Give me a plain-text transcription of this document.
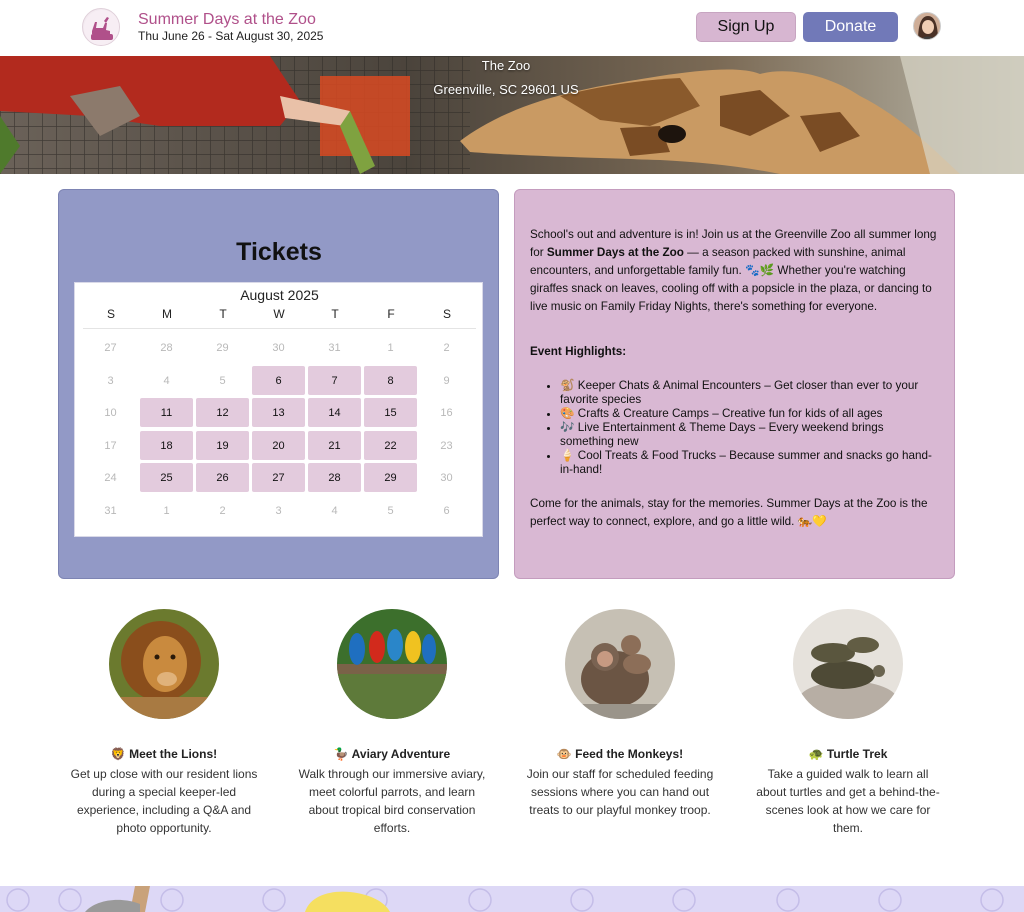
Summer Days at the Zoo
Thu June 26 - Sat August 30, 2025
Sign Up	Donate
The Zoo
Greenville, SC 29601 US
Tickets
August 2025
S	M	T	W	T	F	S
27	28	29	30	31	1	2
3	4	5	6	7	8	9
10	11	12	13	14	15	16
17	18	19	20	21	22	23
24	25	26	27	28	29	30
31	1	2	3	4	5	6

School's out and adventure is in! Join us at the Greenville Zoo all summer long for Summer Days at the Zoo — a season packed with sunshine, animal encounters, and unforgettable family fun. 🐾🌿 Whether you're watching giraffes snack on leaves, cooling off with a popsicle in the plaza, or dancing to live music on Family Friday Nights, there's something for everyone.

Event Highlights:
• 🐒 Keeper Chats & Animal Encounters – Get closer than ever to your favorite species
• 🎨 Crafts & Creature Camps – Creative fun for kids of all ages
• 🎶 Live Entertainment & Theme Days – Every weekend brings something new
• 🍦 Cool Treats & Food Trucks – Because summer and snacks go hand-in-hand!

Come for the animals, stay for the memories. Summer Days at the Zoo is the perfect way to connect, explore, and go a little wild. 🐅💛

🦁 Meet the Lions!
Get up close with our resident lions during a special keeper-led experience, including a Q&A and photo opportunity.
🦆 Aviary Adventure
Walk through our immersive aviary, meet colorful parrots, and learn about tropical bird conservation efforts.
🐵 Feed the Monkeys!
Join our staff for scheduled feeding sessions where you can hand out treats to our playful monkey troop.
🐢 Turtle Trek
Take a guided walk to learn all about turtles and get a behind-the-scenes look at how we care for them.
